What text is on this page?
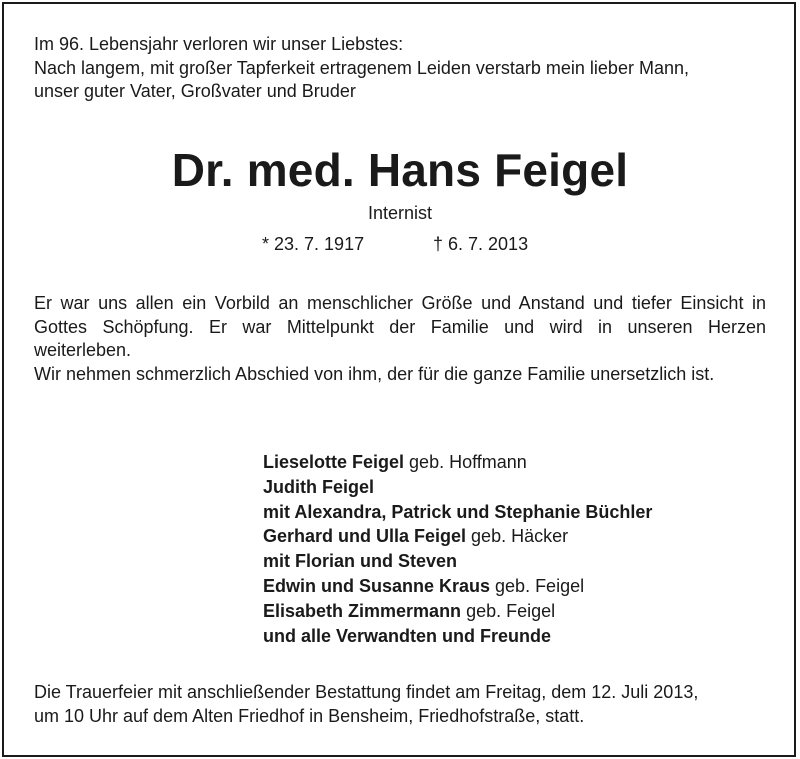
Im 96. Lebensjahr verloren wir unser Liebstes:
Nach langem, mit großer Tapferkeit ertragenem Leiden verstarb mein lieber Mann,
unser guter Vater, Großvater und Bruder
Dr. med. Hans Feigel
Internist
* 23. 7. 1917	† 6. 7. 2013
Er war uns allen ein Vorbild an menschlicher Größe und Anstand und tiefer Einsicht in
Gottes Schöpfung. Er war Mittelpunkt der Familie und wird in unseren Herzen
weiterleben.
Wir nehmen schmerzlich Abschied von ihm, der für die ganze Familie unersetzlich ist.
Lieselotte Feigel geb. Hoffmann
Judith Feigel
mit Alexandra, Patrick und Stephanie Büchler
Gerhard und Ulla Feigel geb. Häcker
mit Florian und Steven
Edwin und Susanne Kraus geb. Feigel
Elisabeth Zimmermann geb. Feigel
und alle Verwandten und Freunde
Die Trauerfeier mit anschließender Bestattung findet am Freitag, dem 12. Juli 2013,
um 10 Uhr auf dem Alten Friedhof in Bensheim, Friedhofstraße, statt.
